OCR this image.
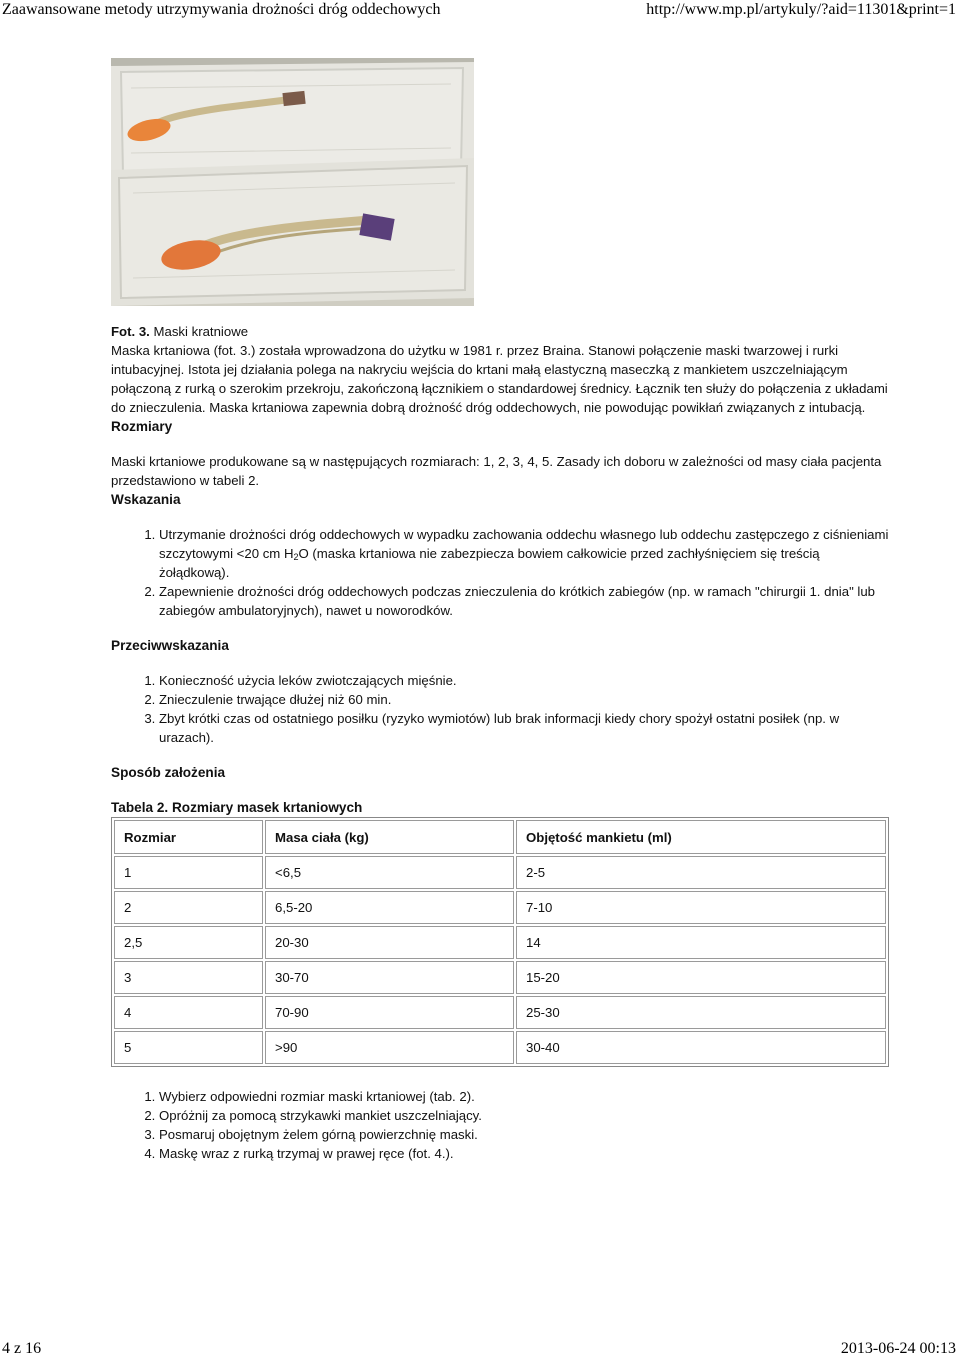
Zaawansowane metody utrzymywania drożności dróg oddechowych	http://www.mp.pl/artykuly/?aid=11301&print=1

Fot. 3. Maski kratniowe

Maska krtaniowa (fot. 3.) została wprowadzona do użytku w 1981 r. przez Braina. Stanowi połączenie maski twarzowej i rurki intubacyjnej. Istota jej działania polega na nakryciu wejścia do krtani małą elastyczną maseczką z mankietem uszczelniającym połączoną z rurką o szerokim przekroju, zakończoną łącznikiem o standardowej średnicy. Łącznik ten służy do połączenia z układami do znieczulenia. Maska krtaniowa zapewnia dobrą drożność dróg oddechowych, nie powodując powikłań związanych z intubacją.

Rozmiary

Maski krtaniowe produkowane są w następujących rozmiarach: 1, 2, 3, 4, 5. Zasady ich doboru w zależności od masy ciała pacjenta przedstawiono w tabeli 2.

Wskazania
1. Utrzymanie drożności dróg oddechowych w wypadku zachowania oddechu własnego lub oddechu zastępczego z ciśnieniami szczytowymi <20 cm $H_2O$ (maska krtaniowa nie zabezpiecza bowiem całkowicie przed zachłyśnięciem się treścią żołądkową).
2. Zapewnienie drożności dróg oddechowych podczas znieczulenia do krótkich zabiegów (np. w ramach "chirurgii 1. dnia" lub zabiegów ambulatoryjnych), nawet u noworodków.
Przeciwwskazania
1. Konieczność użycia leków zwiotczających mięśnie.
2. Znieczulenie trwające dłużej niż 60 min.
3. Zbyt krótki czas od ostatniego posiłku (ryzyko wymiotów) lub brak informacji kiedy chory spożył ostatni posiłek (np. w urazach).
Sposób założenia

Tabela 2. Rozmiary masek krtaniowych

Rozmiar	Masa ciała (kg)	Objętość mankietu (ml)
1	<6,5	2-5
2	6,5-20	7-10
2,5	20-30	14
3	30-70	15-20
4	70-90	25-30
5	>90	30-40
1. Wybierz odpowiedni rozmiar maski krtaniowej (tab. 2).
2. Opróżnij za pomocą strzykawki mankiet uszczelniający.
3. Posmaruj obojętnym żelem górną powierzchnię maski.
4. Maskę wraz z rurką trzymaj w prawej ręce (fot. 4.).
4 z 16	2013-06-24 00:13
